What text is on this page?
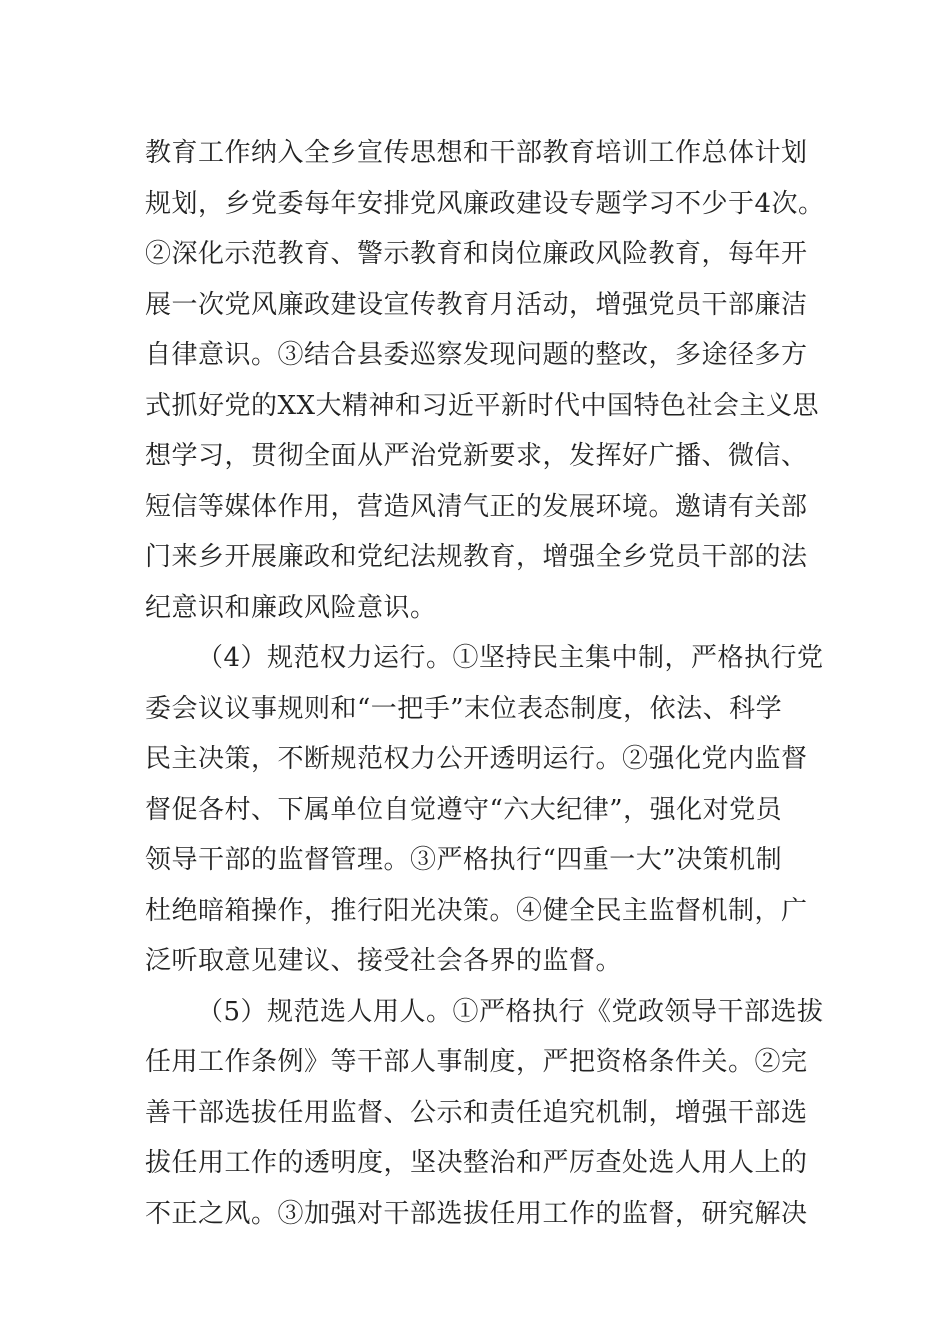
教育工作纳入全乡宣传思想和干部教育培训工作总体计划
规划，乡党委每年安排党风廉政建设专题学习不少于4次。
②深化示范教育、警示教育和岗位廉政风险教育，每年开
展一次党风廉政建设宣传教育月活动，增强党员干部廉洁
自律意识。③结合县委巡察发现问题的整改，多途径多方
式抓好党的XX大精神和习近平新时代中国特色社会主义思
想学习，贯彻全面从严治党新要求，发挥好广播、微信、
短信等媒体作用，营造风清气正的发展环境。邀请有关部
门来乡开展廉政和党纪法规教育，增强全乡党员干部的法
纪意识和廉政风险意识。
（4）规范权力运行。①坚持民主集中制，严格执行党
委会议议事规则和“一把手”末位表态制度，依法、科学
民主决策，不断规范权力公开透明运行。②强化党内监督
督促各村、下属单位自觉遵守“六大纪律”，强化对党员
领导干部的监督管理。③严格执行“四重一大”决策机制
杜绝暗箱操作，推行阳光决策。④健全民主监督机制，广
泛听取意见建议、接受社会各界的监督。
（5）规范选人用人。①严格执行《党政领导干部选拔
任用工作条例》等干部人事制度，严把资格条件关。②完
善干部选拔任用监督、公示和责任追究机制，增强干部选
拔任用工作的透明度，坚决整治和严厉查处选人用人上的
不正之风。③加强对干部选拔任用工作的监督，研究解决
